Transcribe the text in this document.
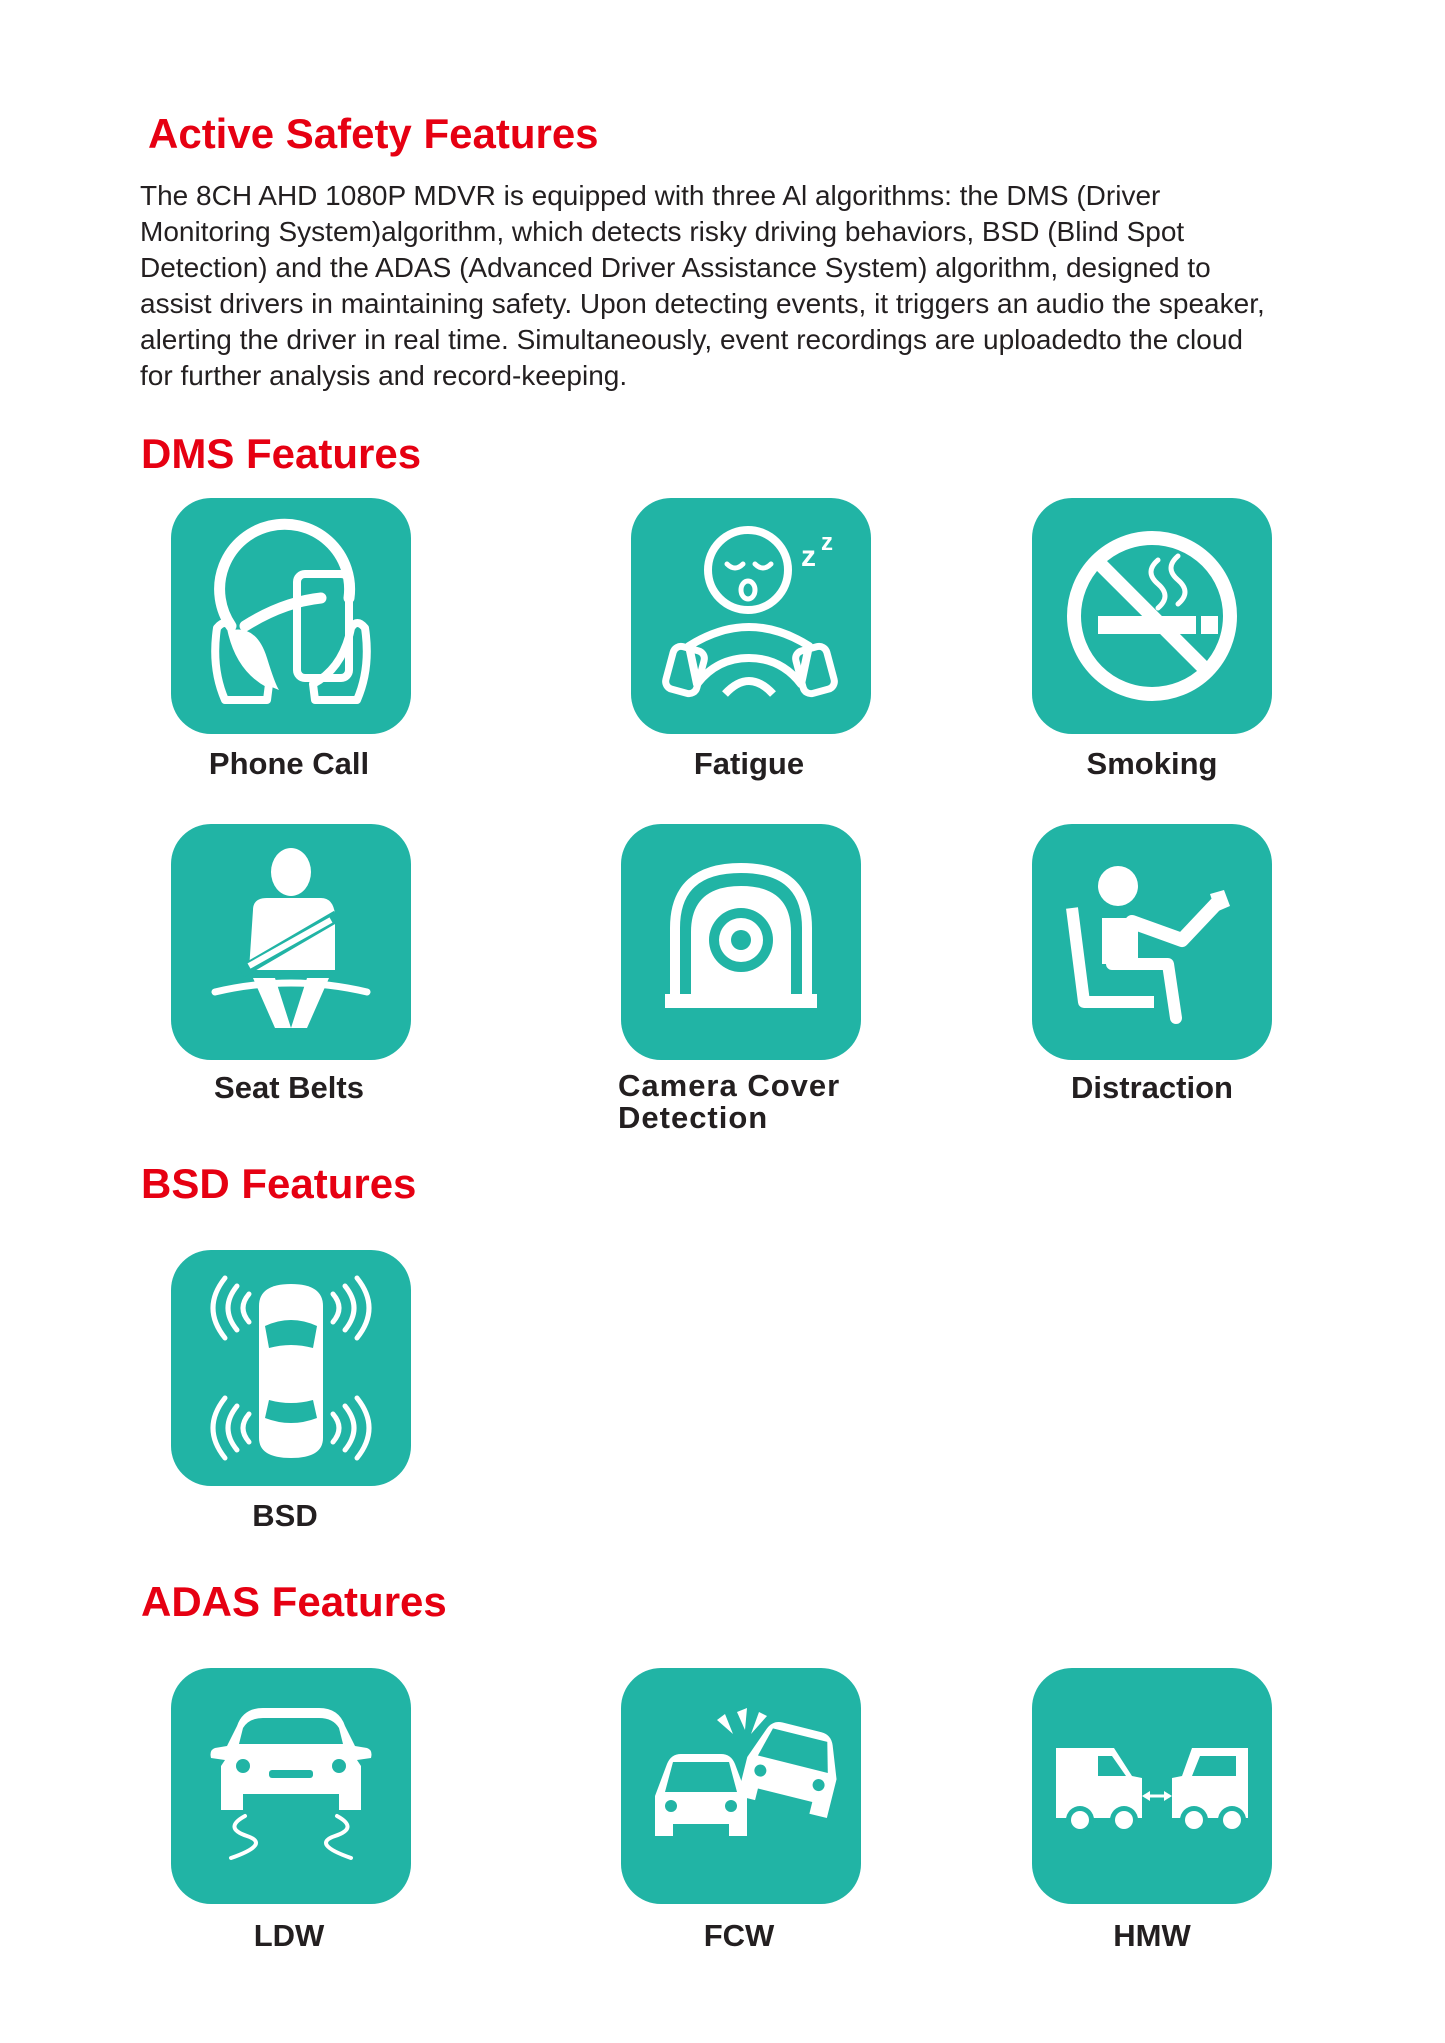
Active Safety Features

The 8CH AHD 1080P MDVR is equipped with three Al algorithms: the DMS (Driver
Monitoring System)algorithm, which detects risky driving behaviors, BSD (Blind Spot
Detection) and the ADAS (Advanced Driver Assistance System) algorithm, designed to
assist drivers in maintaining safety. Upon detecting events, it triggers an audio the speaker,
alerting the driver in real time. Simultaneously, event recordings are uploadedto the cloud
for further analysis and record-keeping.

DMS Features
Phone Call
z z
Fatigue	Smoking
Seat Belts	Camera Cover
Detection
Distraction
BSD Features
BSD
ADAS Features
LDW	FCW	HMW
